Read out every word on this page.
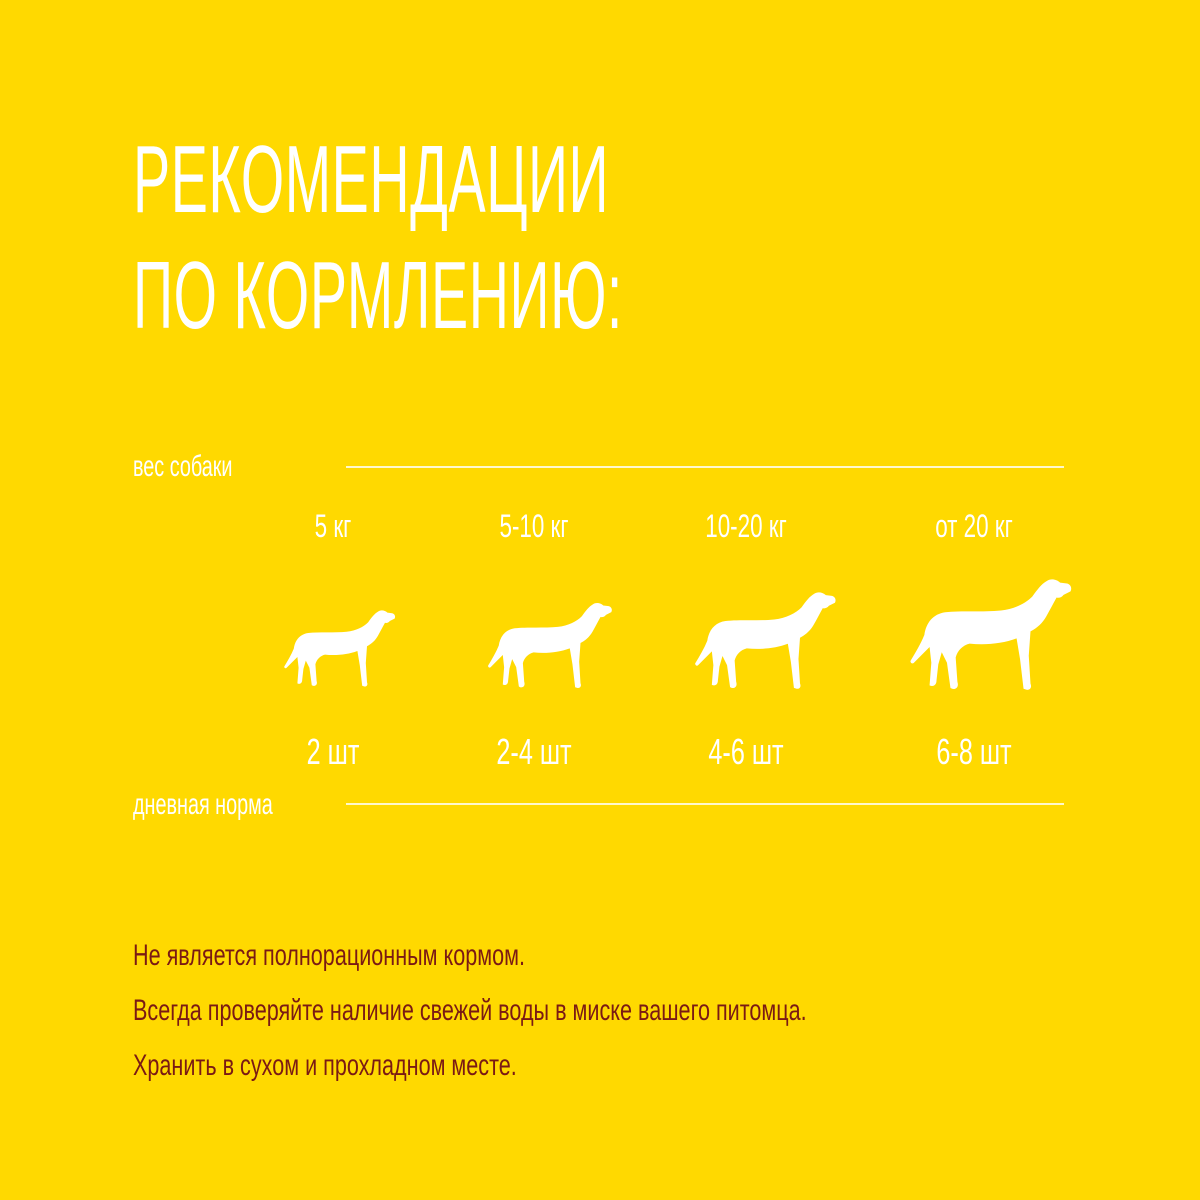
РЕКОМЕНДАЦИИ
ПО КОРМЛЕНИЮ:
вес собаки
5 кг
2 шт
5-10 кг
2-4 шт
10-20 кг
4-6 шт
от 20 кг
6-8 шт
дневная норма
Не является полнорационным кормом.
Всегда проверяйте наличие свежей воды в миске вашего питомца.
Хранить в сухом и прохладном месте.
